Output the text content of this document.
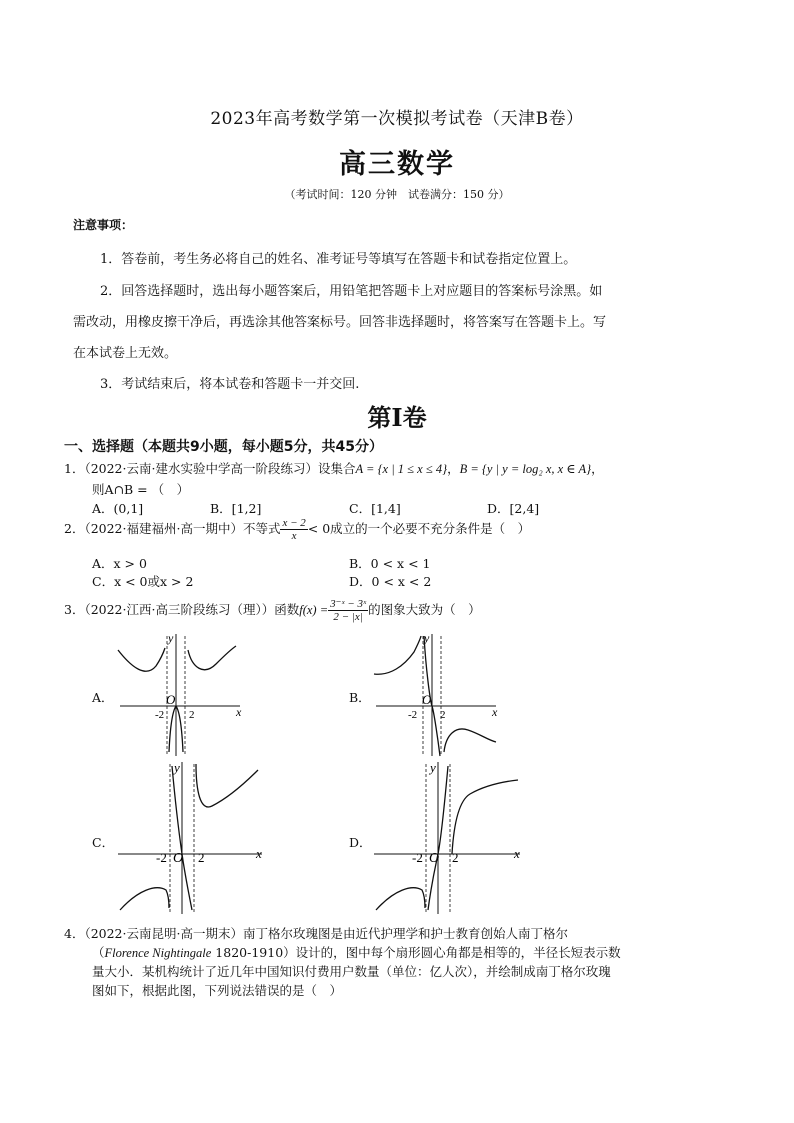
2023年高考数学第一次模拟考试卷（天津B卷）
高三数学
（考试时间：120 分钟　试卷满分：150 分）
注意事项：
1．答卷前，考生务必将自己的姓名、准考证号等填写在答题卡和试卷指定位置上。
2．回答选择题时，选出每小题答案后，用铅笔把答题卡上对应题目的答案标号涂黑。如
需改动，用橡皮擦干净后，再选涂其他答案标号。回答非选择题时，将答案写在答题卡上。写
在本试卷上无效。
3．考试结束后，将本试卷和答题卡一并交回.
第Ⅰ卷
一、选择题（本题共9小题，每小题5分，共45分）
1．（2022·云南·建水实验中学高一阶段练习）设集合A = {x | 1 ≤ x ≤ 4}，B = {y | y = log₂ x, x ∈ A}，
则A∩B = （　）
A．(0,1]	B．[1,2]	C．[1,4]	D．[2,4]
2．（2022·福建福州·高一期中）不等式 $\frac{x - 2}{x} < 0$成立的一个必要不充分条件是（　）
A．x > 0	B．0 < x < 1
C．x < 0或x > 2	D．0 < x < 2
3．（2022·江西·高三阶段练习（理））函数$f(x) = \frac{\text{3⁻ˣ − 3ˣ}}{2 - |x|}$ 的图象大致为（　）
A．	B．
C．	D．
x
y
O
-2 2	x
y
O
-2 2
x
y
O
-2 2	x
y
O
-2 2
4．（2022·云南昆明·高一期末）南丁格尔玫瑰图是由近代护理学和护士教育创始人南丁格尔
（Florence Nightingale 1820-1910）设计的，图中每个扇形圆心角都是相等的，半径长短表示数
量大小．某机构统计了近几年中国知识付费用户数量（单位：亿人次），并绘制成南丁格尔玫瑰
图如下，根据此图，下列说法错误的是（　）
